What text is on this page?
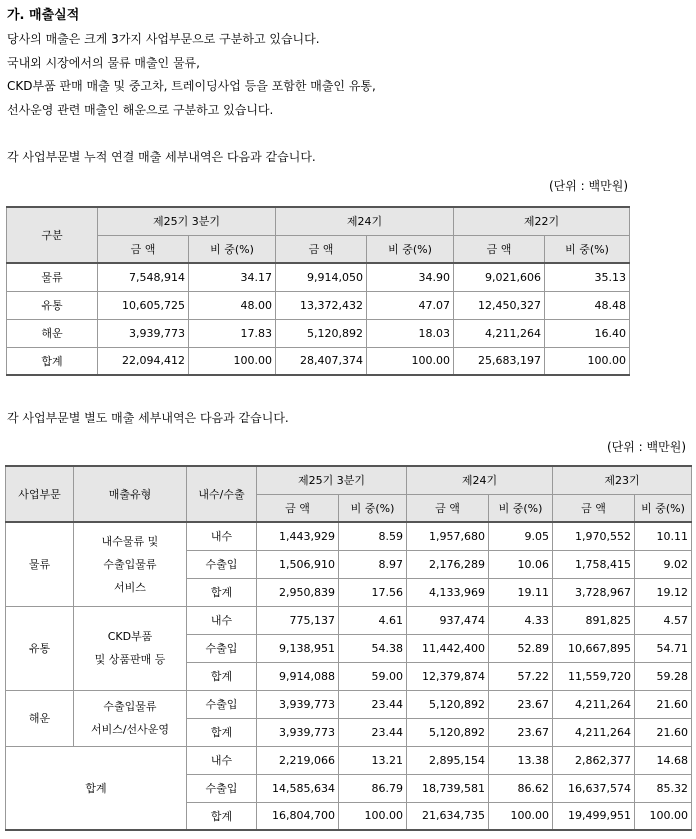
가. 매출실적
당사의 매출은 크게 3가지 사업부문으로 구분하고 있습니다.
국내외 시장에서의 물류 매출인 물류,
CKD부품 판매 매출 및 중고차, 트레이딩사업 등을 포함한 매출인 유통,
선사운영 관련 매출인 해운으로 구분하고 있습니다.
각 사업부문별 누적 연결 매출 세부내역은 다음과 같습니다.
(단위 : 백만원)
구분	제25기 3분기		제24기		제22기	
	금 액	비 중(%)	금 액	비 중(%)	금 액	비 중(%)
물류	7,548,914	34.17	9,914,050	34.90	9,021,606	35.13
유통	10,605,725	48.00	13,372,432	47.07	12,450,327	48.48
해운	3,939,773	17.83	5,120,892	18.03	4,211,264	16.40
합계	22,094,412	100.00	28,407,374	100.00	25,683,197	100.00
각 사업부문별 별도 매출 세부내역은 다음과 같습니다.
(단위 : 백만원)
사업부문	매출유형	내수/수출	제25기 3분기		제24기		제23기	
			금 액	비 중(%)	금 액	비 중(%)	금 액	비 중(%)
물류	내수물류 및
수출입물류
서비스	내수	1,443,929	8.59	1,957,680	9.05	1,970,552	10.11
		수출입	1,506,910	8.97	2,176,289	10.06	1,758,415	9.02
		합계	2,950,839	17.56	4,133,969	19.11	3,728,967	19.12
유통	CKD부품
및 상품판매 등	내수	775,137	4.61	937,474	4.33	891,825	4.57
		수출입	9,138,951	54.38	11,442,400	52.89	10,667,895	54.71
		합계	9,914,088	59.00	12,379,874	57.22	11,559,720	59.28
해운	수출입물류
서비스/선사운영	수출입	3,939,773	23.44	5,120,892	23.67	4,211,264	21.60
		합계	3,939,773	23.44	5,120,892	23.67	4,211,264	21.60
합계		내수	2,219,066	13.21	2,895,154	13.38	2,862,377	14.68
		수출입	14,585,634	86.79	18,739,581	86.62	16,637,574	85.32
		합계	16,804,700	100.00	21,634,735	100.00	19,499,951	100.00
